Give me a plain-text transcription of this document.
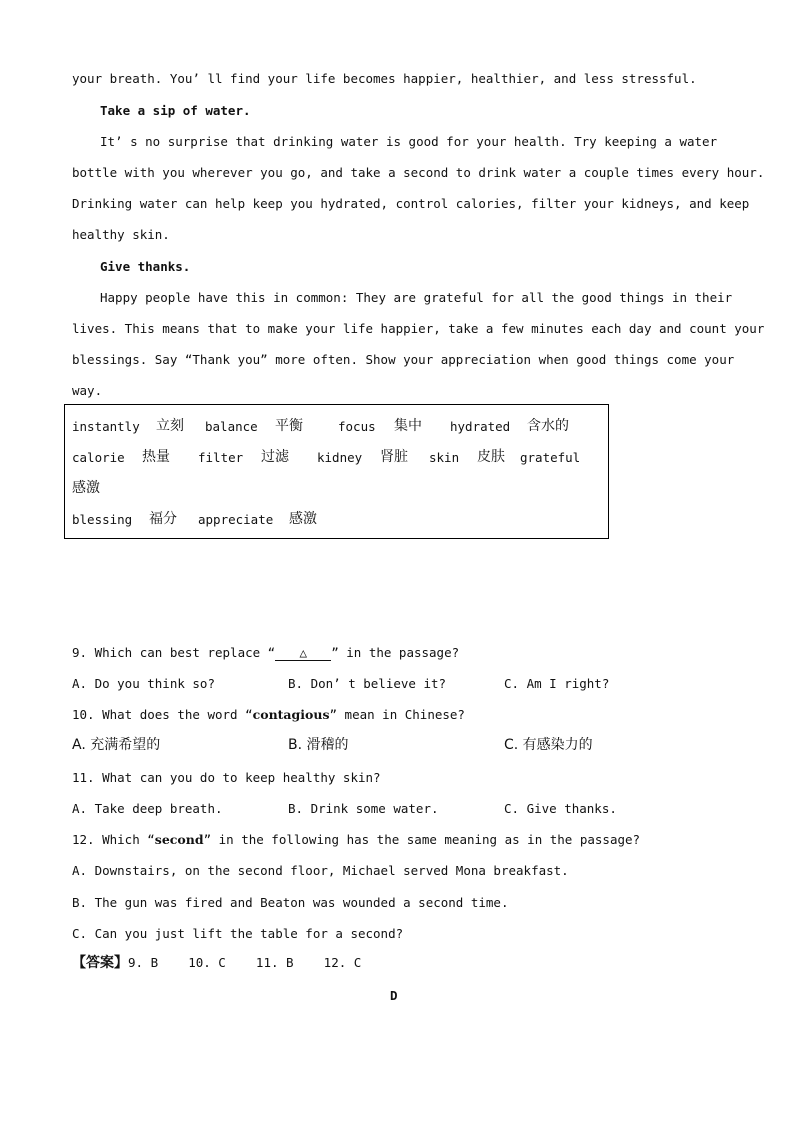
your breath. You’ ll find your life becomes happier, healthier, and less stressful.
Take a sip of water.
It’ s no surprise that drinking water is good for your health. Try keeping a water
bottle with you wherever you go, and take a second to drink water a couple times every hour.
Drinking water can help keep you hydrated, control calories, filter your kidneys, and keep
healthy skin.
Give thanks.
Happy people have this in common: They are grateful for all the good things in their
lives. This means that to make your life happier, take a few minutes each day and count your
blessings. Say “Thank you” more often. Show your appreciation when good things come your
way.
instantly 立刻 balance 平衡	focus 集中 hydrated 含水的
calorie 热量 filter 过滤 kidney 肾脏 skin 皮肤 grateful
感激
blessing 福分 appreciate 感激
9. Which can best replace “ △ ” in the passage?
A. Do you think so?	B. Don’ t believe it?	C. Am I right?
10. What does the word “contagious” mean in Chinese?
A. 充满希望的	B. 滑稽的	C. 有感染力的
11. What can you do to keep healthy skin?
A. Take deep breath.	B. Drink some water.	C. Give thanks.
12. Which “second” in the following has the same meaning as in the passage?
A. Downstairs, on the second floor, Michael served Mona breakfast.
B. The gun was fired and Beaton was wounded a second time.
C. Can you just lift the table for a second?
【答案】9. B    10. C    11. B    12. C
D
